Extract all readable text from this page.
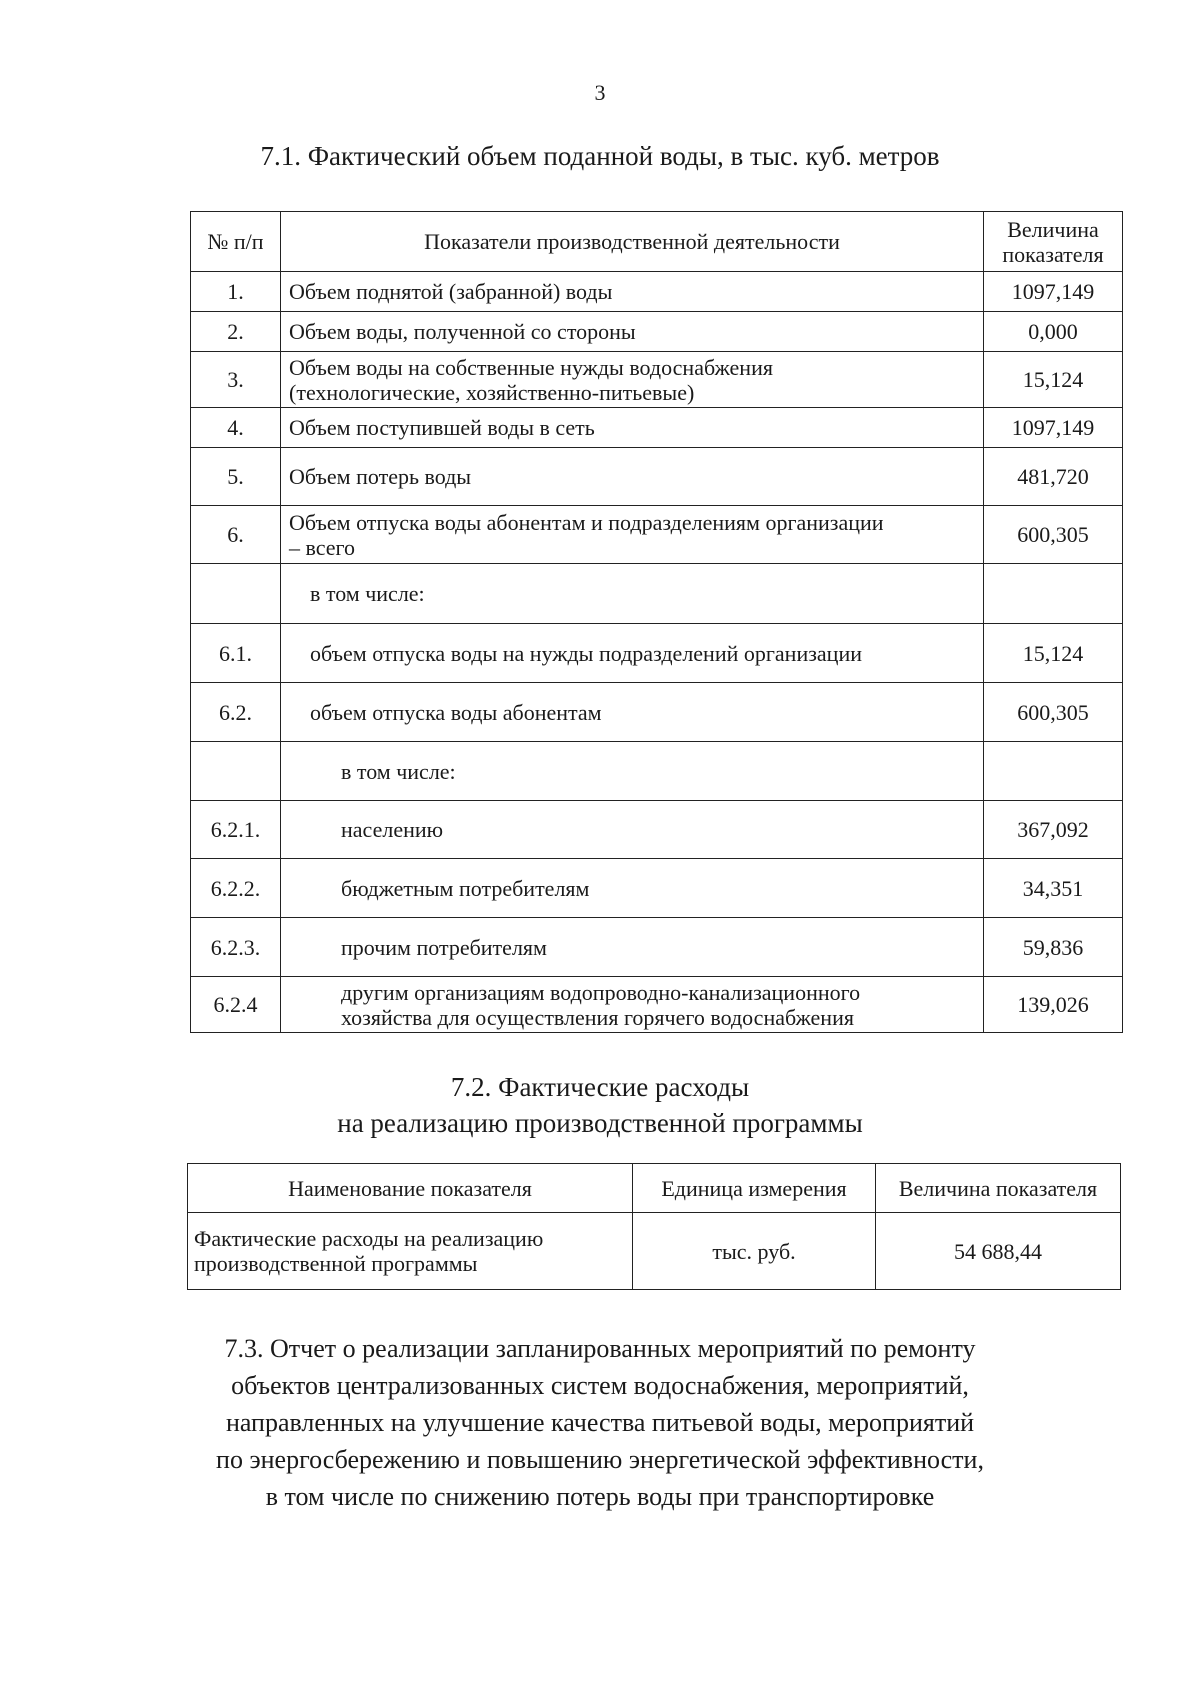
3
7.1. Фактический объем поданной воды, в тыс. куб. метров
№ п/п	Показатели производственной деятельности	Величина
показателя

1.	Объем поднятой (забранной) воды	1097,149
2.	Объем воды, полученной со стороны	0,000
3.	Объем воды на собственные нужды водоснабжения
(технологические, хозяйственно-питьевые)	15,124
4.	Объем поступившей воды в сеть	1097,149
5.	Объем потерь воды	481,720
6.	Объем отпуска воды абонентам и подразделениям организации
– всего	600,305
	в том числе:	
6.1.	объем отпуска воды на нужды подразделений организации	15,124
6.2.	объем отпуска воды абонентам	600,305
	в том числе:	
6.2.1.	населению	367,092
6.2.2.	бюджетным потребителям	34,351
6.2.3.	прочим потребителям	59,836
6.2.4	другим организациям водопроводно-канализационного
хозяйства для осуществления горячего водоснабжения	139,026
7.2. Фактические расходы
на реализацию производственной программы
Наименование показателя	Единица измерения	Величина показателя

Фактические расходы на реализацию
производственной программы	тыс. руб.	54 688,44
7.3. Отчет о реализации запланированных мероприятий по ремонту
объектов централизованных систем водоснабжения, мероприятий,
направленных на улучшение качества питьевой воды, мероприятий
по энергосбережению и повышению энергетической эффективности,
в том числе по снижению потерь воды при транспортировке
